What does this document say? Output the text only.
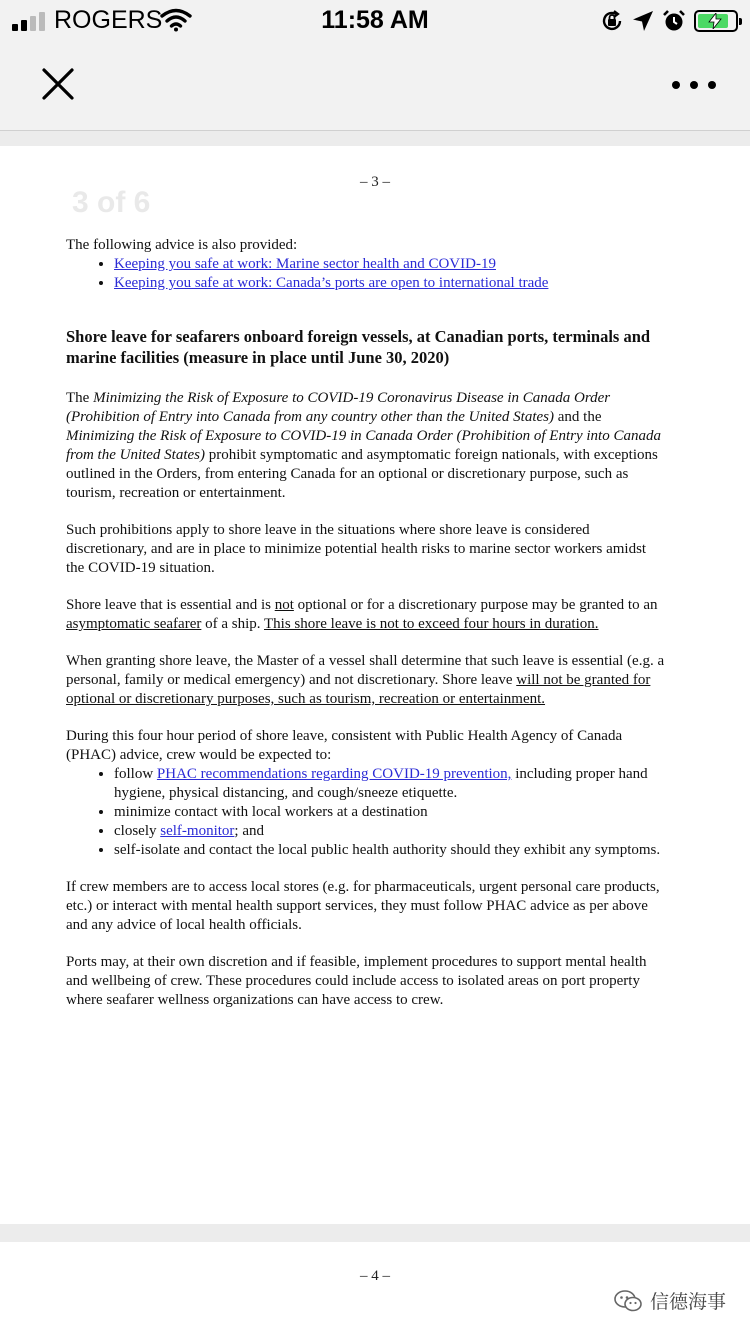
ROGERS	11:58 AM
– 3 –
3 of 6

The following advice is also provided:

• Keeping you safe at work: Marine sector health and COVID-19
• Keeping you safe at work: Canada’s ports are open to international trade
Shore leave for seafarers onboard foreign vessels, at Canadian ports, terminals and marine facilities (measure in place until June 30, 2020)

The Minimizing the Risk of Exposure to COVID-19 Coronavirus Disease in Canada Order (Prohibition of Entry into Canada from any country other than the United States) and the Minimizing the Risk of Exposure to COVID-19 in Canada Order (Prohibition of Entry into Canada from the United States) prohibit symptomatic and asymptomatic foreign nationals, with exceptions outlined in the Orders, from entering Canada for an optional or discretionary purpose, such as tourism, recreation or entertainment.

Such prohibitions apply to shore leave in the situations where shore leave is considered discretionary, and are in place to minimize potential health risks to marine sector workers amidst the COVID-19 situation.

Shore leave that is essential and is not optional or for a discretionary purpose may be granted to an asymptomatic seafarer of a ship. This shore leave is not to exceed four hours in duration.

When granting shore leave, the Master of a vessel shall determine that such leave is essential (e.g. a personal, family or medical emergency) and not discretionary. Shore leave will not be granted for optional or discretionary purposes, such as tourism, recreation or entertainment.

During this four hour period of shore leave, consistent with Public Health Agency of Canada (PHAC) advice, crew would be expected to:

• follow PHAC recommendations regarding COVID-19 prevention, including proper hand hygiene, physical distancing, and cough/sneeze etiquette.
• minimize contact with local workers at a destination
• closely self-monitor; and
• self-isolate and contact the local public health authority should they exhibit any symptoms.

If crew members are to access local stores (e.g. for pharmaceuticals, urgent personal care products, etc.) or interact with mental health support services, they must follow PHAC advice as per above and any advice of local health officials.

Ports may, at their own discretion and if feasible, implement procedures to support mental health and wellbeing of crew. These procedures could include access to isolated areas on port property where seafarer wellness organizations can have access to crew.

– 4 –
信德海事
